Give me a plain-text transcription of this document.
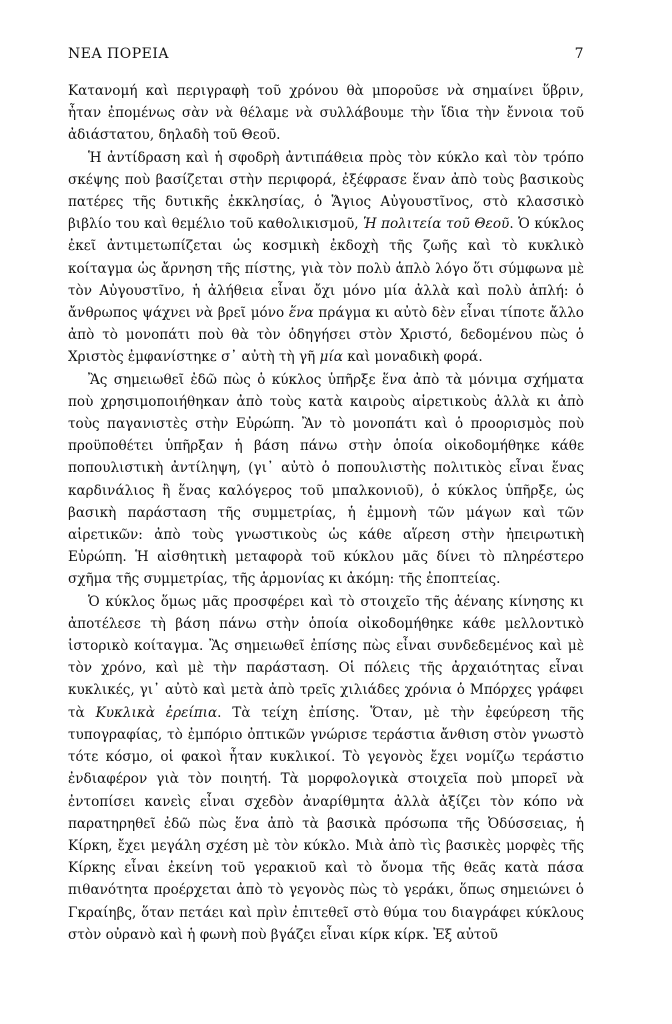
ΝΕΑ ΠΟΡΕΙΑ	7

Κατανομή καὶ περιγραφὴ τοῦ χρόνου θὰ μποροῦσε νὰ σημαίνει ὕβριν, ἦταν ἐπομένως σὰν νὰ θέλαμε νὰ συλλάβουμε τὴν ἴδια τὴν ἔννοια τοῦ ἀδιάστατου, δηλαδὴ τοῦ Θεοῦ.

Ἡ ἀντίδραση καὶ ἡ σφοδρὴ ἀντιπάθεια πρὸς τὸν κύκλο καὶ τὸν τρόπο σκέψης ποὺ βασίζεται στὴν περιφορά, ἐξέφρασε ἕναν ἀπὸ τοὺς βασικοὺς πατέρες τῆς δυτικῆς ἐκκλησίας, ὁ Ἅγιος Αὐγουστῖνος, στὸ κλασσικὸ βιβλίο του καὶ θεμέλιο τοῦ καθολικισμοῦ, Ἡ πολιτεία τοῦ Θεοῦ. Ὁ κύκλος ἐκεῖ ἀντιμετωπίζεται ὡς κοσμικὴ ἐκδοχὴ τῆς ζωῆς καὶ τὸ κυκλικὸ κοίταγμα ὡς ἄρνηση τῆς πίστης, γιὰ τὸν πολὺ ἁπλὸ λόγο ὅτι σύμφωνα μὲ τὸν Αὐγουστῖνο, ἡ ἀλήθεια εἶναι ὄχι μόνο μία ἀλλὰ καὶ πολὺ ἁπλή: ὁ ἄνθρωπος ψάχνει νὰ βρεῖ μόνο ἕνα πράγμα κι αὐτὸ δὲν εἶναι τίποτε ἄλλο ἀπὸ τὸ μονοπάτι ποὺ θὰ τὸν ὁδηγήσει στὸν Χριστό, δεδομένου πὼς ὁ Χριστὸς ἐμφανίστηκε σ᾽ αὐτὴ τὴ γῆ μία καὶ μοναδικὴ φορά.

Ἂς σημειωθεῖ ἐδῶ πὼς ὁ κύκλος ὑπῆρξε ἕνα ἀπὸ τὰ μόνιμα σχήματα ποὺ χρησιμοποιήθηκαν ἀπὸ τοὺς κατὰ καιροὺς αἱρετικοὺς ἀλλὰ κι ἀπὸ τοὺς παγανιστὲς στὴν Εὐρώπη. Ἂν τὸ μονοπάτι καὶ ὁ προορισμὸς ποὺ προϋποθέτει ὑπῆρξαν ἡ βάση πάνω στὴν ὁποία οἰκοδομήθηκε κάθε ποπουλιστικὴ ἀντίληψη, (γι᾽ αὐτὸ ὁ ποπουλιστὴς πολιτικὸς εἶναι ἕνας καρδινάλιος ἢ ἕνας καλόγερος τοῦ μπαλκονιοῦ), ὁ κύκλος ὑπῆρξε, ὡς βασικὴ παράσταση τῆς συμμετρίας, ἡ ἐμμονὴ τῶν μάγων καὶ τῶν αἱρετικῶν: ἀπὸ τοὺς γνωστικοὺς ὡς κάθε αἵρεση στὴν ἠπειρωτικὴ Εὐρώπη. Ἡ αἰσθητικὴ μεταφορὰ τοῦ κύκλου μᾶς δίνει τὸ πληρέστερο σχῆμα τῆς συμμετρίας, τῆς ἁρμονίας κι ἀκόμη: τῆς ἐποπτείας.

Ὁ κύκλος ὅμως μᾶς προσφέρει καὶ τὸ στοιχεῖο τῆς ἀέναης κίνησης κι ἀποτέλεσε τὴ βάση πάνω στὴν ὁποία οἰκοδομήθηκε κάθε μελλοντικὸ ἱστορικὸ κοίταγμα. Ἂς σημειωθεῖ ἐπίσης πὼς εἶναι συνδεδεμένος καὶ μὲ τὸν χρόνο, καὶ μὲ τὴν παράσταση. Οἱ πόλεις τῆς ἀρχαιότητας εἶναι κυκλικές, γι᾽ αὐτὸ καὶ μετὰ ἀπὸ τρεῖς χιλιάδες χρόνια ὁ Μπόρχες γράφει τὰ Κυκλικὰ ἐρείπια. Τὰ τείχη ἐπίσης. Ὅταν, μὲ τὴν ἐφεύρεση τῆς τυπογραφίας, τὸ ἐμπόριο ὀπτικῶν γνώρισε τεράστια ἄνθιση στὸν γνωστὸ τότε κόσμο, οἱ φακοὶ ἦταν κυκλικοί. Τὸ γεγονὸς ἔχει νομίζω τεράστιο ἐνδιαφέρον γιὰ τὸν ποιητή. Τὰ μορφολογικὰ στοιχεῖα ποὺ μπορεῖ νὰ ἐντοπίσει κανεὶς εἶναι σχεδὸν ἀναρίθμητα ἀλλὰ ἀξίζει τὸν κόπο νὰ παρατηρηθεῖ ἐδῶ πὼς ἕνα ἀπὸ τὰ βασικὰ πρόσωπα τῆς Ὀδύσσειας, ἡ Κίρκη, ἔχει μεγάλη σχέση μὲ τὸν κύκλο. Μιὰ ἀπὸ τὶς βασικὲς μορφὲς τῆς Κίρκης εἶναι ἐκείνη τοῦ γερακιοῦ καὶ τὸ ὄνομα τῆς θεᾶς κατὰ πάσα πιθανότητα προέρχεται ἀπὸ τὸ γεγονὸς πὼς τὸ γεράκι, ὅπως σημειώνει ὁ Γκραίηβς, ὅταν πετάει καὶ πρὶν ἐπιτεθεῖ στὸ θύμα του διαγράφει κύκλους στὸν οὐρανὸ καὶ ἡ φωνὴ ποὺ βγάζει εἶναι κίρκ κίρκ. Ἐξ αὐτοῦ
